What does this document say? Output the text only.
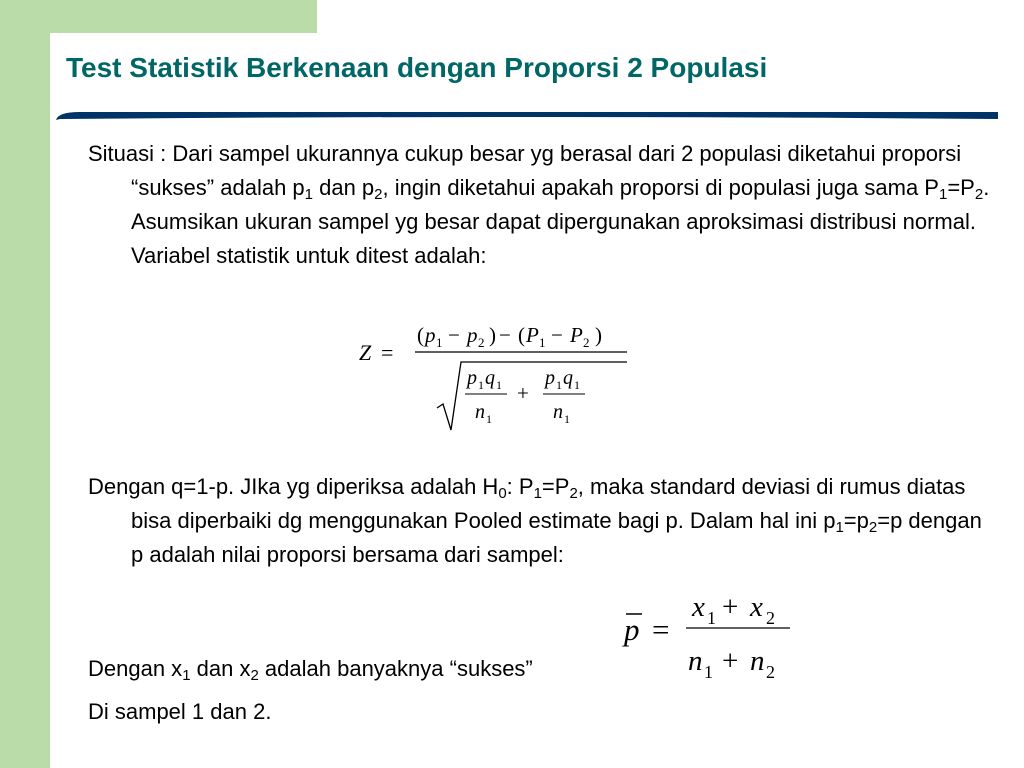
Test Statistik Berkenaan dengan Proporsi 2 Populasi
Situasi : Dari sampel ukurannya cukup besar yg berasal dari 2 populasi diketahui proporsi “sukses” adalah $p_1$ dan $p_2$, ingin diketahui apakah proporsi di populasi juga sama $P_1=P_2$. Asumsikan ukuran sampel yg besar dapat dipergunakan aproksimasi distribusi normal. Variabel statistik untuk ditest adalah:
Z =
( p 1 − p 2 ) − ( P 1 − P 2 )
p 1 q 1
n 1
+
p 1 q 1
n 1
Dengan q=1-p. JIka yg diperiksa adalah $H_0$: $P_1=P_2$, maka standard deviasi di rumus diatas bisa diperbaiki dg menggunakan Pooled estimate bagi p. Dalam hal ini $p_1=p_2=p$ dengan p adalah nilai proporsi bersama dari sampel:
p =
x 1 + x 2
n 1 + n 2
Dengan $x_1$ dan $x_2$ adalah banyaknya “sukses”
Di sampel 1 dan 2.
